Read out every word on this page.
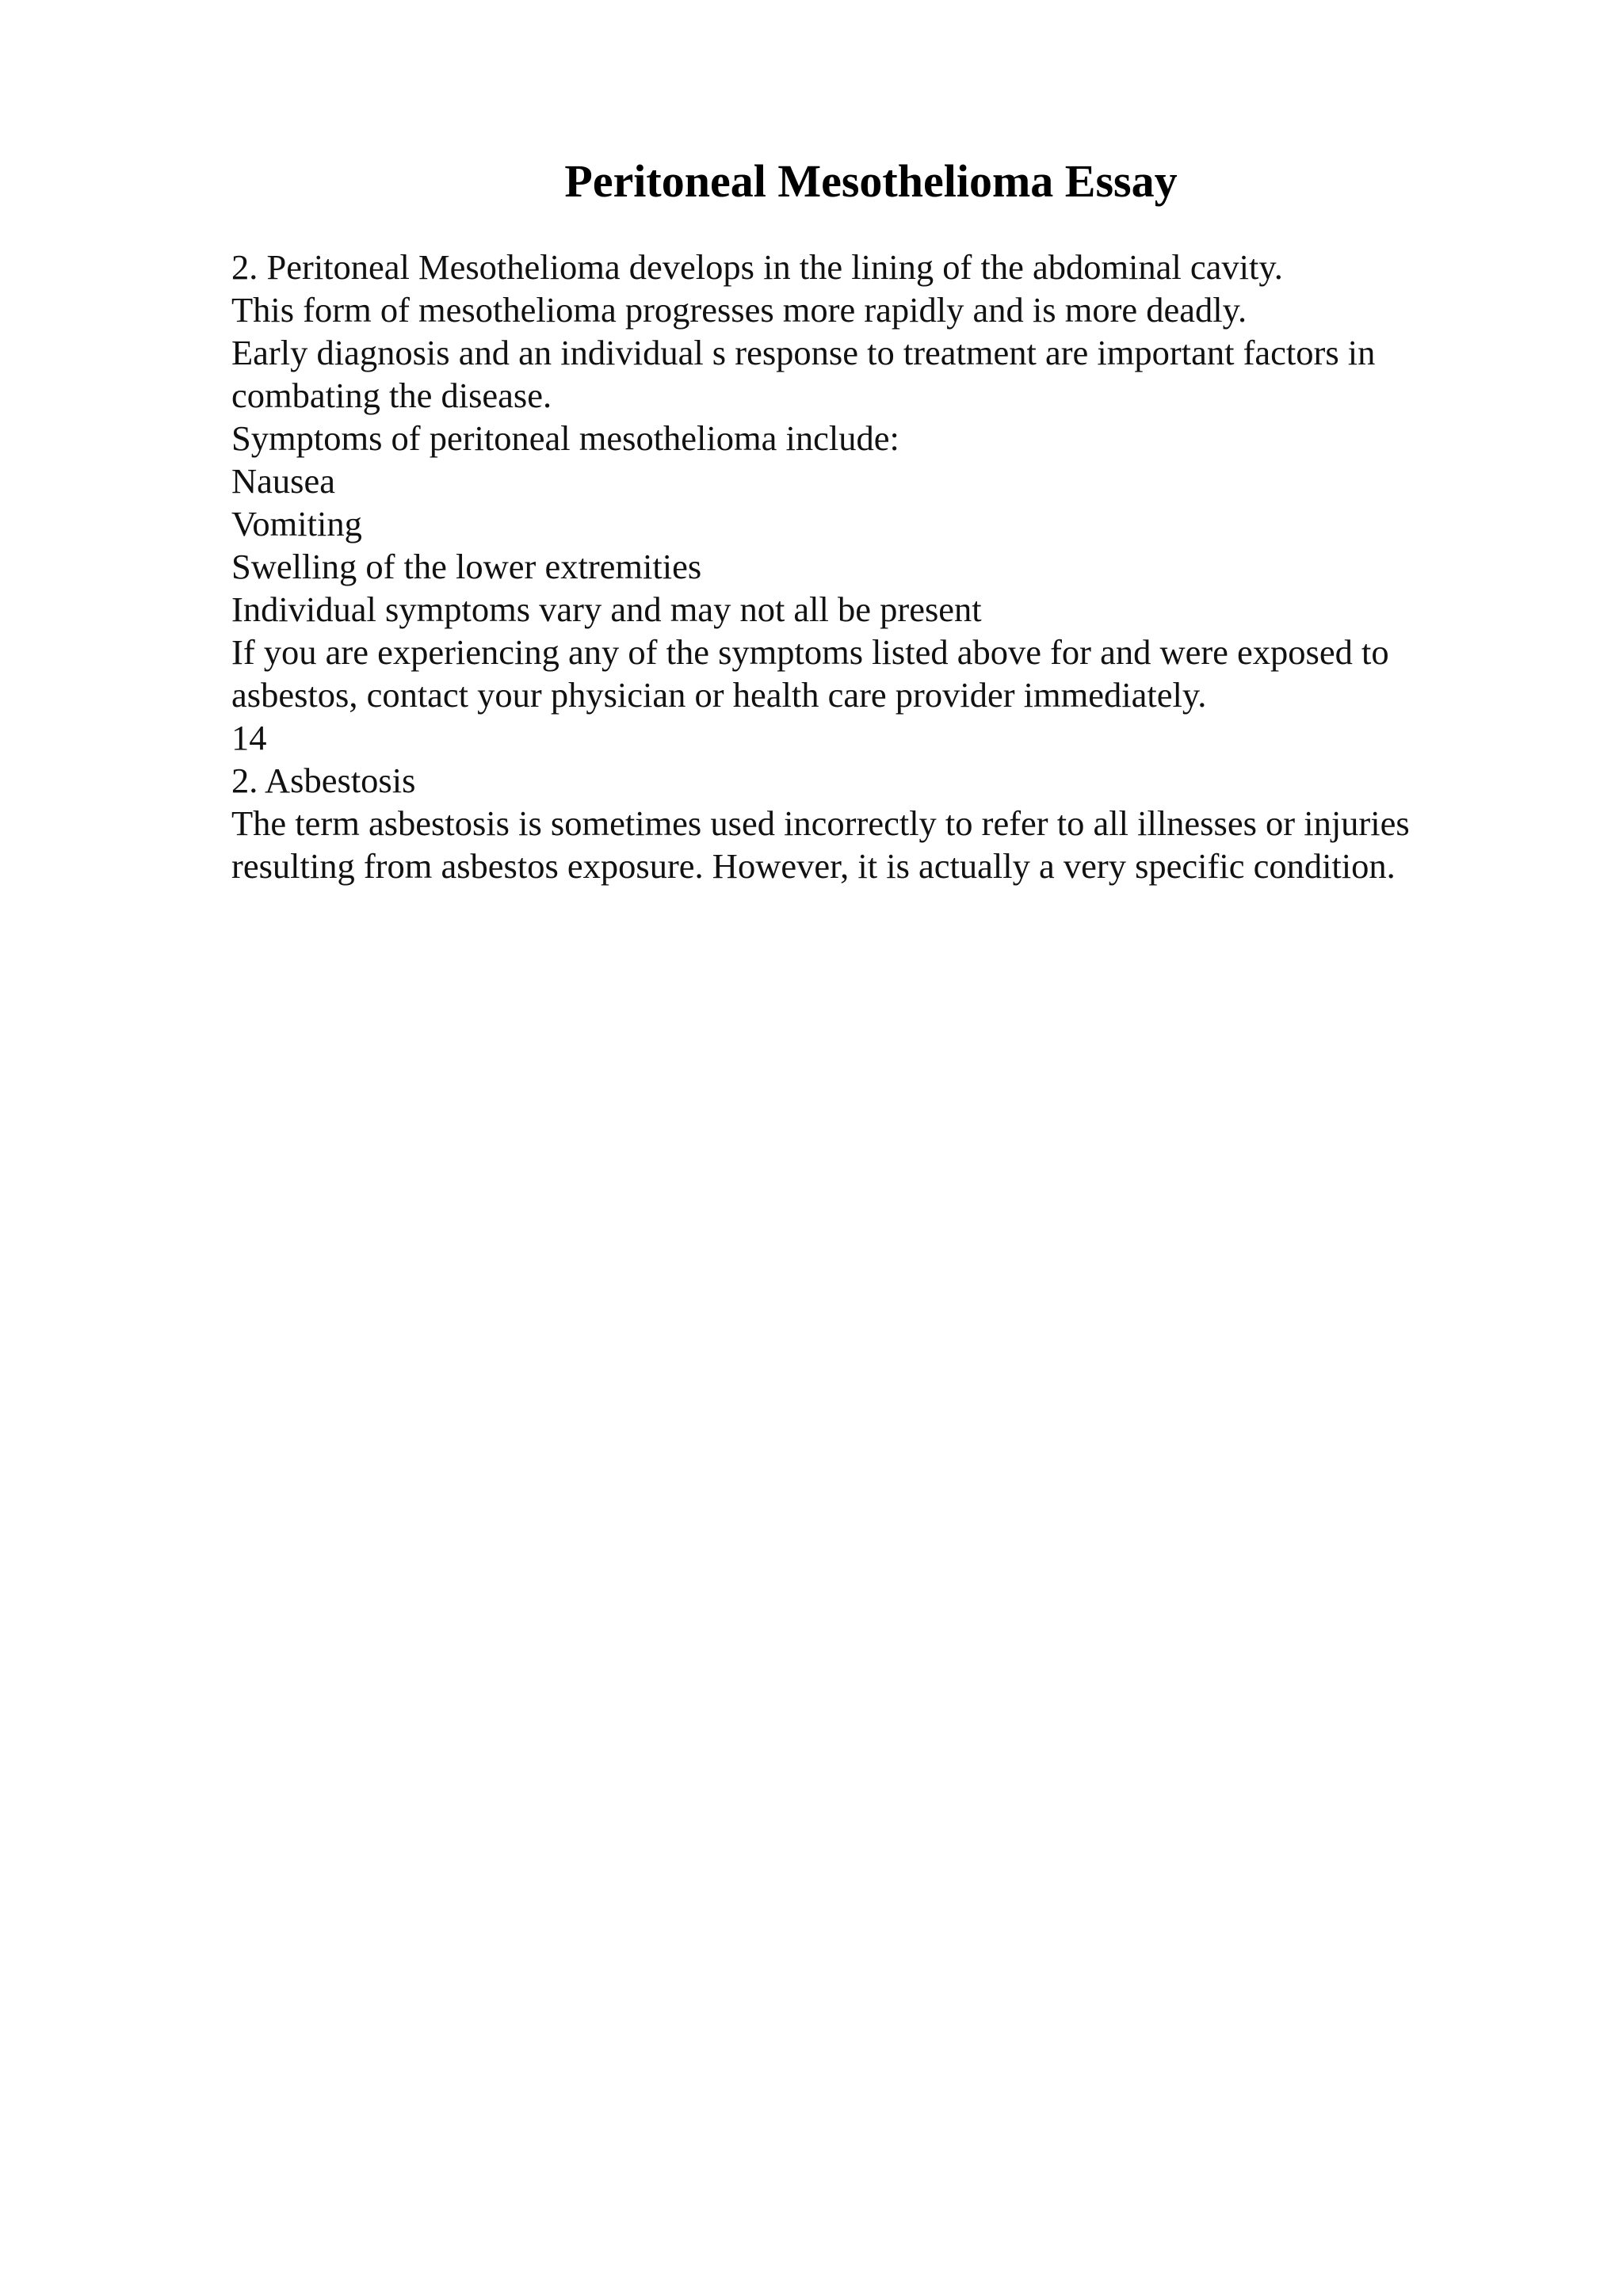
Peritoneal Mesothelioma Essay
2. Peritoneal Mesothelioma develops in the lining of the abdominal cavity.
This form of mesothelioma progresses more rapidly and is more deadly.
Early diagnosis and an individual s response to treatment are important factors in
combating the disease.
Symptoms of peritoneal mesothelioma include:
Nausea
Vomiting
Swelling of the lower extremities
Individual symptoms vary and may not all be present
If you are experiencing any of the symptoms listed above for and were exposed to
asbestos, contact your physician or health care provider immediately.
14
2. Asbestosis
The term asbestosis is sometimes used incorrectly to refer to all illnesses or injuries
resulting from asbestos exposure. However, it is actually a very specific condition.
